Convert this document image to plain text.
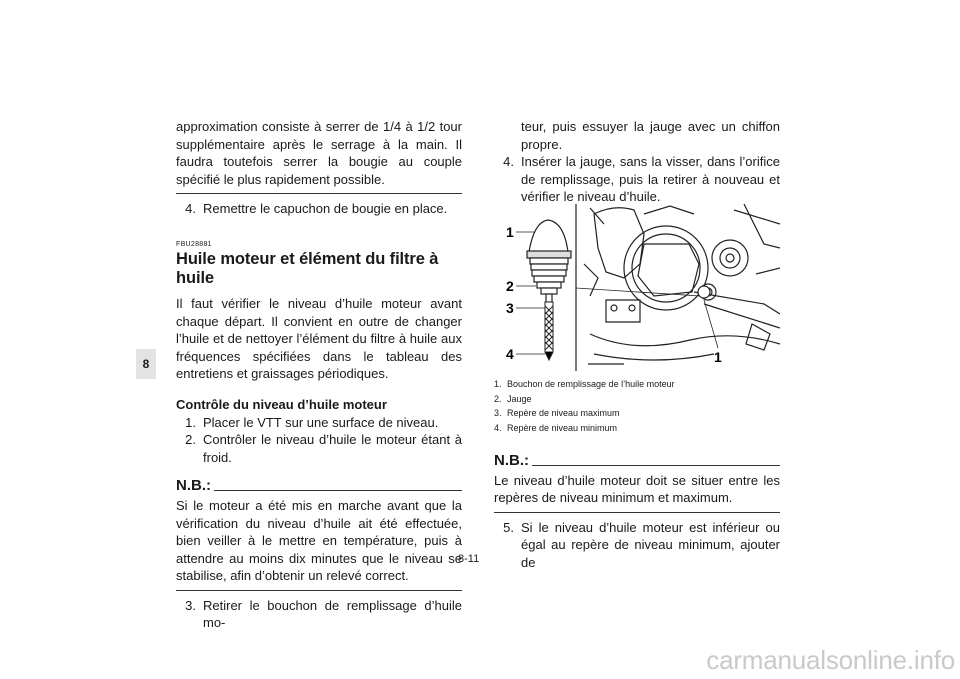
8

approximation consiste à serrer de 1/4 à 1/2 tour supplémentaire après le serrage à la main. Il faudra toutefois serrer la bougie au couple spécifié le plus rapidement possible.

4. Remettre le capuchon de bougie en place.
FBU28881
Huile moteur et élément du filtre à huile

Il faut vérifier le niveau d’huile moteur avant chaque départ. Il convient en outre de changer l’huile et de nettoyer l’élément du filtre à huile aux fréquences spécifiées dans le tableau des entretiens et graissages périodiques.

Contrôle du niveau d’huile moteur
1. Placer le VTT sur une surface de niveau.
2. Contrôler le niveau d’huile le moteur étant à froid.
N.B.:

Si le moteur a été mis en marche avant que la vérification du niveau d’huile ait été effectuée, bien veiller à le mettre en température, puis à attendre au moins dix minutes que le niveau se stabilise, afin d’obtenir un relevé correct.

3. Retirer le bouchon de remplissage d’huile mo-
teur, puis essuyer la jauge avec un chiffon propre.
4. Insérer la jauge, sans la visser, dans l’orifice de remplissage, puis la retirer à nouveau et vérifier le niveau d’huile.
1
2
3
4	1
1. Bouchon de remplissage de l’huile moteur
2. Jauge
3. Repère de niveau maximum
4. Repère de niveau minimum
N.B.:

Le niveau d’huile moteur doit se situer entre les repères de niveau minimum et maximum.

5. Si le niveau d’huile moteur est inférieur ou égal au repère de niveau minimum, ajouter de
8-11
carmanualsonline.info
